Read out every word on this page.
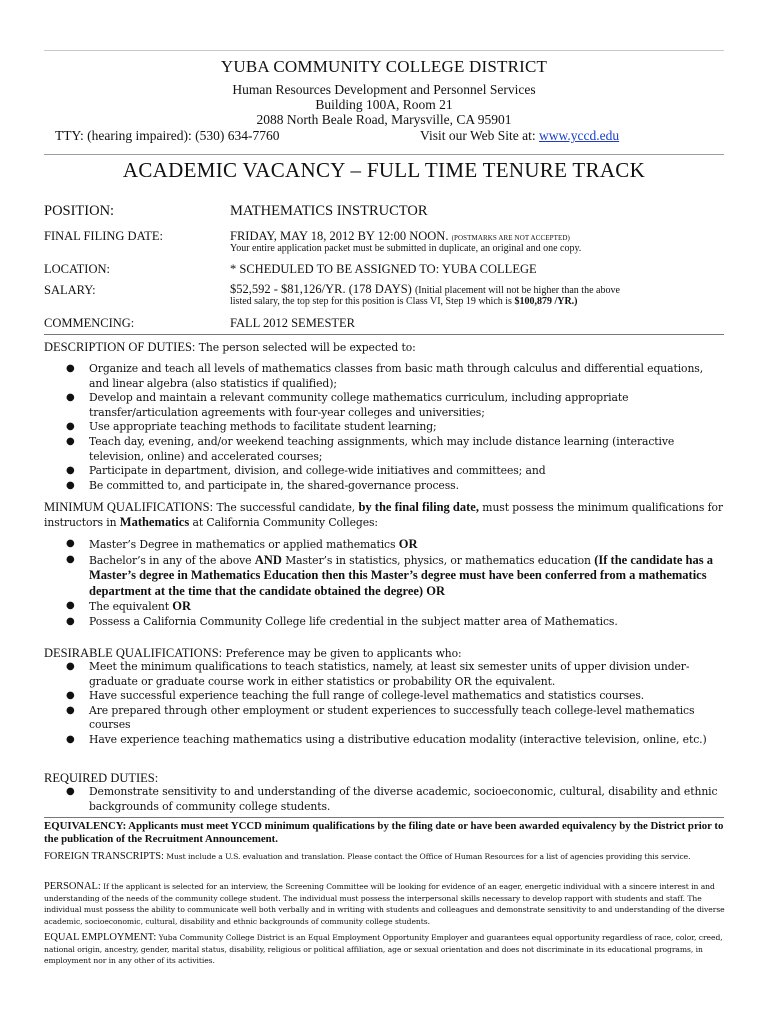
YUBA COMMUNITY COLLEGE DISTRICT
Human Resources Development and Personnel Services
Building 100A, Room 21
2088 North Beale Road, Marysville, CA 95901
TTY: (hearing impaired): (530) 634-7760	Visit our Web Site at: www.yccd.edu
ACADEMIC VACANCY – FULL TIME TENURE TRACK
POSITION:	MATHEMATICS INSTRUCTOR
FINAL FILING DATE:	FRIDAY, MAY 18, 2012 BY 12:00 NOON. (POSTMARKS ARE NOT ACCEPTED)
Your entire application packet must be submitted in duplicate, an original and one copy.
LOCATION:	* SCHEDULED TO BE ASSIGNED TO: YUBA COLLEGE
SALARY:	$52,592 - $81,126/YR. (178 DAYS) (Initial placement will not be higher than the above
listed salary, the top step for this position is Class VI, Step 19 which is $100,879 /YR.)
COMMENCING:	FALL 2012 SEMESTER
DESCRIPTION OF DUTIES: The person selected will be expected to:
● Organize and teach all levels of mathematics classes from basic math through calculus and differential equations, and linear algebra (also statistics if qualified);
● Develop and maintain a relevant community college mathematics curriculum, including appropriate transfer/articulation agreements with four-year colleges and universities;
● Use appropriate teaching methods to facilitate student learning;
● Teach day, evening, and/or weekend teaching assignments, which may include distance learning (interactive television, online) and accelerated courses;
● Participate in department, division, and college-wide initiatives and committees; and
● Be committed to, and participate in, the shared-governance process.
MINIMUM QUALIFICATIONS: The successful candidate, by the final filing date, must possess the minimum qualifications for instructors in Mathematics at California Community Colleges:
● Master’s Degree in mathematics or applied mathematics OR
● Bachelor’s in any of the above AND Master’s in statistics, physics, or mathematics education (If the candidate has a Master’s degree in Mathematics Education then this Master’s degree must have been conferred from a mathematics department at the time that the candidate obtained the degree) OR
● The equivalent OR
● Possess a California Community College life credential in the subject matter area of Mathematics.
DESIRABLE QUALIFICATIONS: Preference may be given to applicants who:
● Meet the minimum qualifications to teach statistics, namely, at least six semester units of upper division under-graduate or graduate course work in either statistics or probability OR the equivalent.
● Have successful experience teaching the full range of college-level mathematics and statistics courses.
● Are prepared through other employment or student experiences to successfully teach college-level mathematics courses
● Have experience teaching mathematics using a distributive education modality (interactive television, online, etc.)
REQUIRED DUTIES:
● Demonstrate sensitivity to and understanding of the diverse academic, socioeconomic, cultural, disability and ethnic backgrounds of community college students.
EQUIVALENCY: Applicants must meet YCCD minimum qualifications by the filing date or have been awarded equivalency by the District prior to the publication of the Recruitment Announcement.
FOREIGN TRANSCRIPTS: Must include a U.S. evaluation and translation. Please contact the Office of Human Resources for a list of agencies providing this service.
PERSONAL: If the applicant is selected for an interview, the Screening Committee will be looking for evidence of an eager, energetic individual with a sincere interest in and understanding of the needs of the community college student. The individual must possess the interpersonal skills necessary to develop rapport with students and staff. The individual must possess the ability to communicate well both verbally and in writing with students and colleagues and demonstrate sensitivity to and understanding of the diverse academic, socioeconomic, cultural, disability and ethnic backgrounds of community college students.
EQUAL EMPLOYMENT: Yuba Community College District is an Equal Employment Opportunity Employer and guarantees equal opportunity regardless of race, color, creed, national origin, ancestry, gender, marital status, disability, religious or political affiliation, age or sexual orientation and does not discriminate in its educational programs, in employment nor in any other of its activities.
